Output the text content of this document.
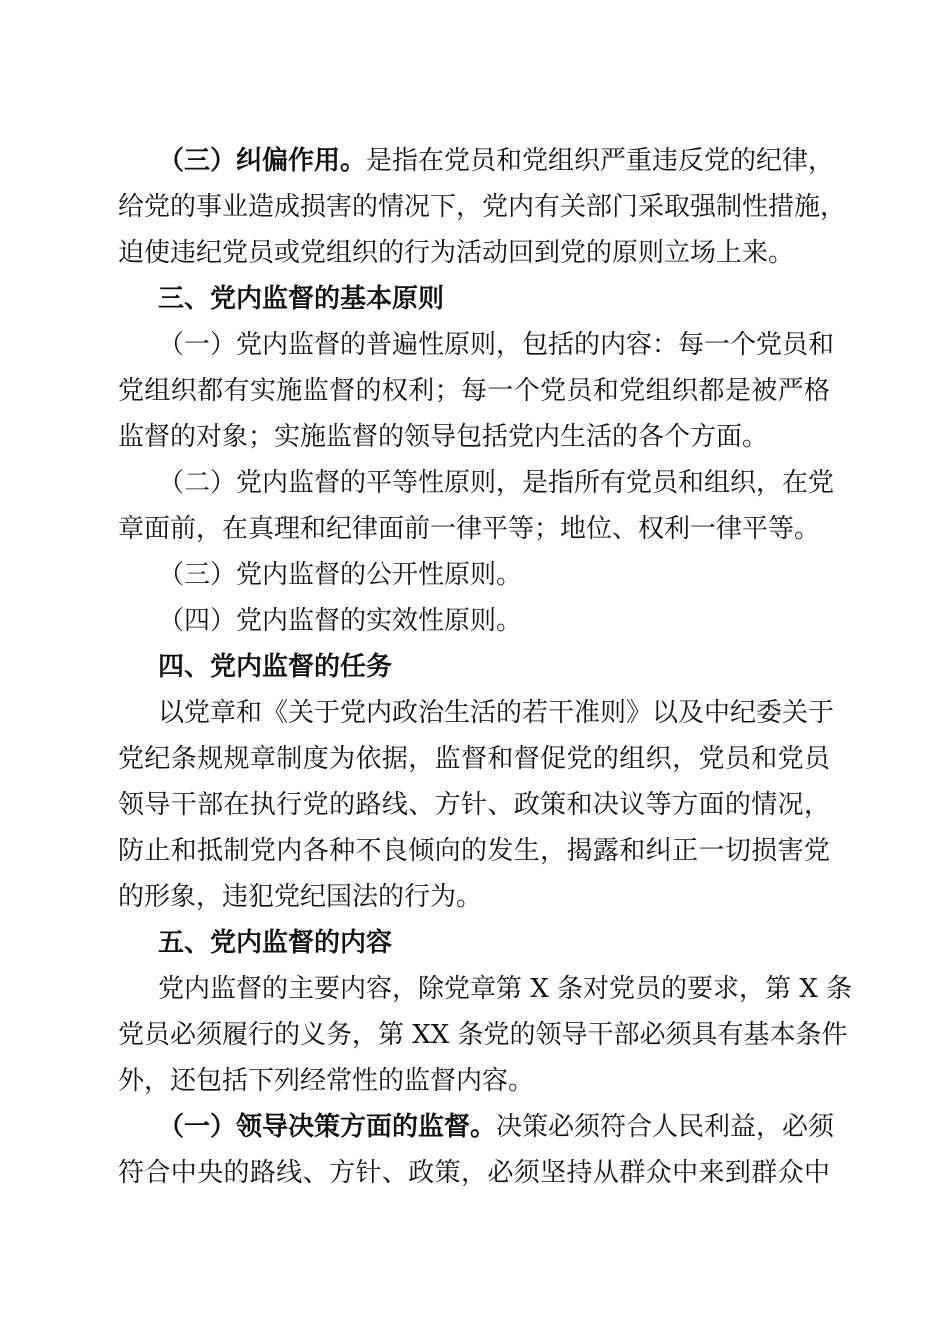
（三）纠偏作用。是指在党员和党组织严重违反党的纪律，
给党的事业造成损害的情况下，党内有关部门采取强制性措施，
迫使违纪党员或党组织的行为活动回到党的原则立场上来。
三、党内监督的基本原则
（一）党内监督的普遍性原则，包括的内容：每一个党员和
党组织都有实施监督的权利；每一个党员和党组织都是被严格
监督的对象；实施监督的领导包括党内生活的各个方面。
（二）党内监督的平等性原则，是指所有党员和组织，在党
章面前，在真理和纪律面前一律平等；地位、权利一律平等。
（三）党内监督的公开性原则。
（四）党内监督的实效性原则。
四、党内监督的任务
以党章和《关于党内政治生活的若干准则》以及中纪委关于
党纪条规规章制度为依据，监督和督促党的组织，党员和党员
领导干部在执行党的路线、方针、政策和决议等方面的情况，
防止和抵制党内各种不良倾向的发生，揭露和纠正一切损害党
的形象，违犯党纪国法的行为。
五、党内监督的内容
党内监督的主要内容，除党章第 X 条对党员的要求，第 X 条
党员必须履行的义务，第 XX 条党的领导干部必须具有基本条件
外，还包括下列经常性的监督内容。
（一）领导决策方面的监督。决策必须符合人民利益，必须
符合中央的路线、方针、政策，必须坚持从群众中来到群众中
